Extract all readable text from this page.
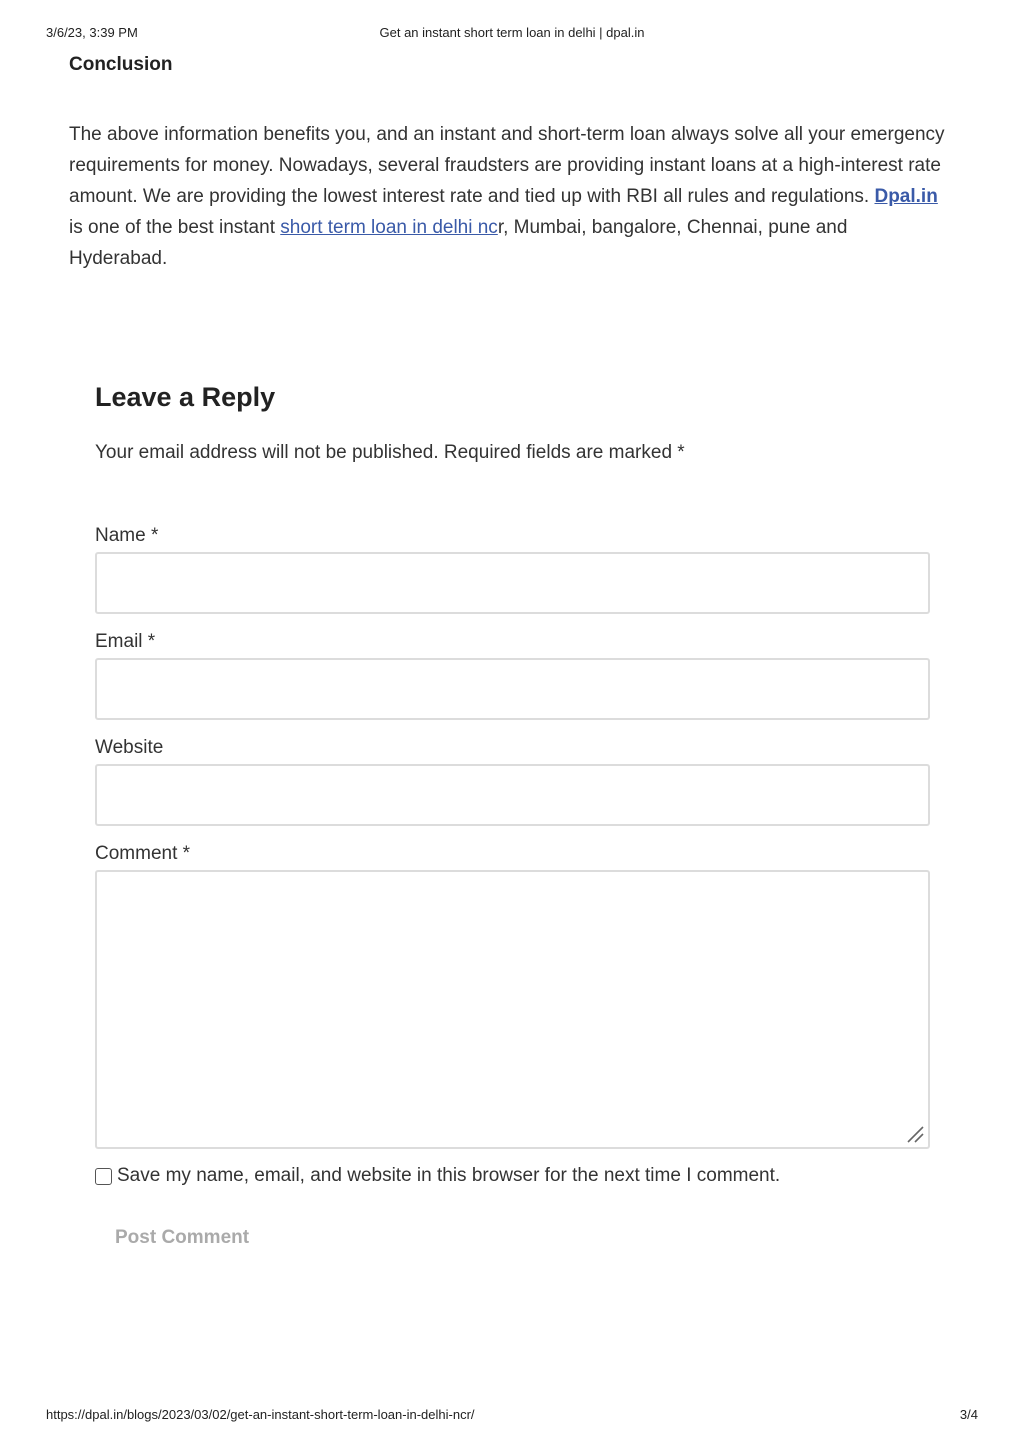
3/6/23, 3:39 PM	Get an instant short term loan in delhi | dpal.in
Conclusion

The above information benefits you, and an instant and short-term loan always solve all your emergency requirements for money. Nowadays, several fraudsters are providing instant loans at a high-interest rate amount. We are providing the lowest interest rate and tied up with RBI all rules and regulations. Dpal.in  is one of the best instant short term loan in delhi ncr, Mumbai, bangalore, Chennai, pune and Hyderabad.

Leave a Reply

Your email address will not be published. Required fields are marked *

Name *
Email *
Website
Comment *
Save my name, email, and website in this browser for the next time I comment.
Post Comment
https://dpal.in/blogs/2023/03/02/get-an-instant-short-term-loan-in-delhi-ncr/	3/4
